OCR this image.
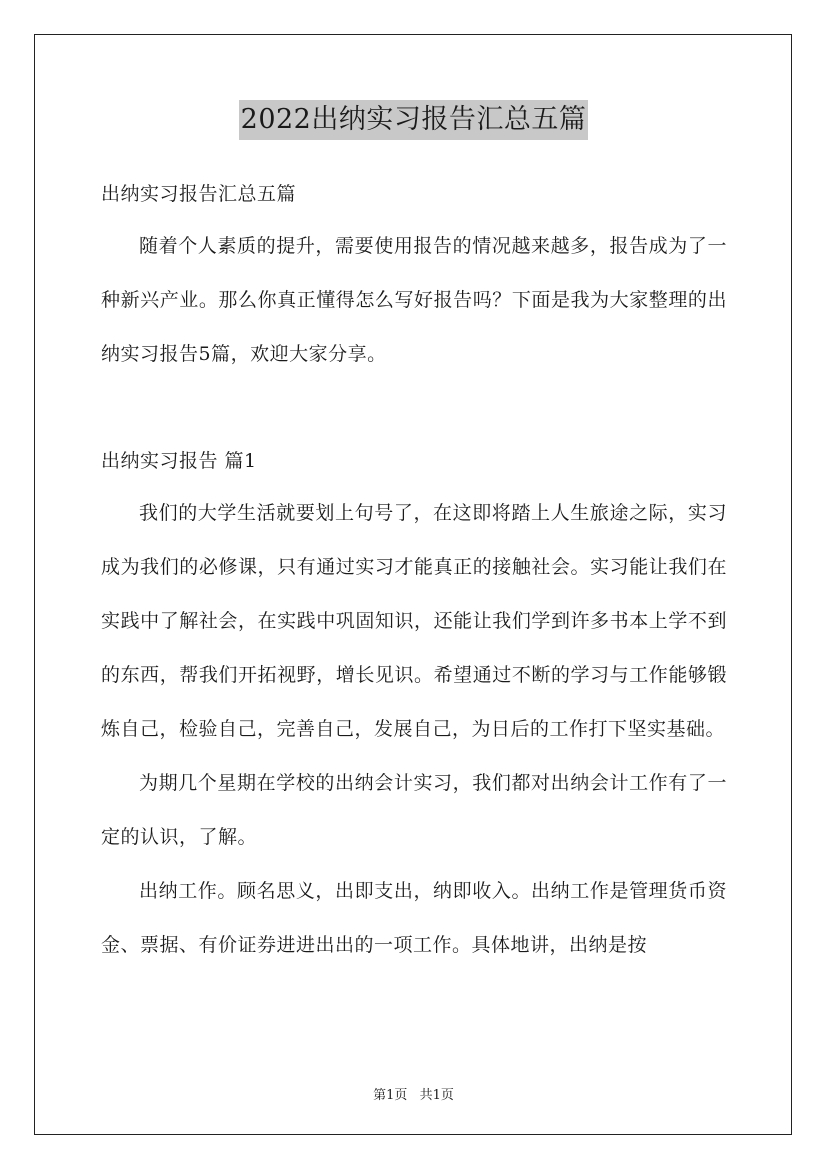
2022出纳实习报告汇总五篇

出纳实习报告汇总五篇

随着个人素质的提升，需要使用报告的情况越来越多，报告成为了一种新兴产业。那么你真正懂得怎么写好报告吗？下面是我为大家整理的出纳实习报告5篇，欢迎大家分享。

出纳实习报告 篇1

我们的大学生活就要划上句号了，在这即将踏上人生旅途之际，实习成为我们的必修课，只有通过实习才能真正的接触社会。实习能让我们在实践中了解社会，在实践中巩固知识，还能让我们学到许多书本上学不到的东西，帮我们开拓视野，增长见识。希望通过不断的学习与工作能够锻炼自己，检验自己，完善自己，发展自己，为日后的工作打下坚实基础。

为期几个星期在学校的出纳会计实习，我们都对出纳会计工作有了一定的认识，了解。

出纳工作。顾名思义，出即支出，纳即收入。出纳工作是管理货币资金、票据、有价证券进进出出的一项工作。具体地讲，出纳是按

第1页 共1页
